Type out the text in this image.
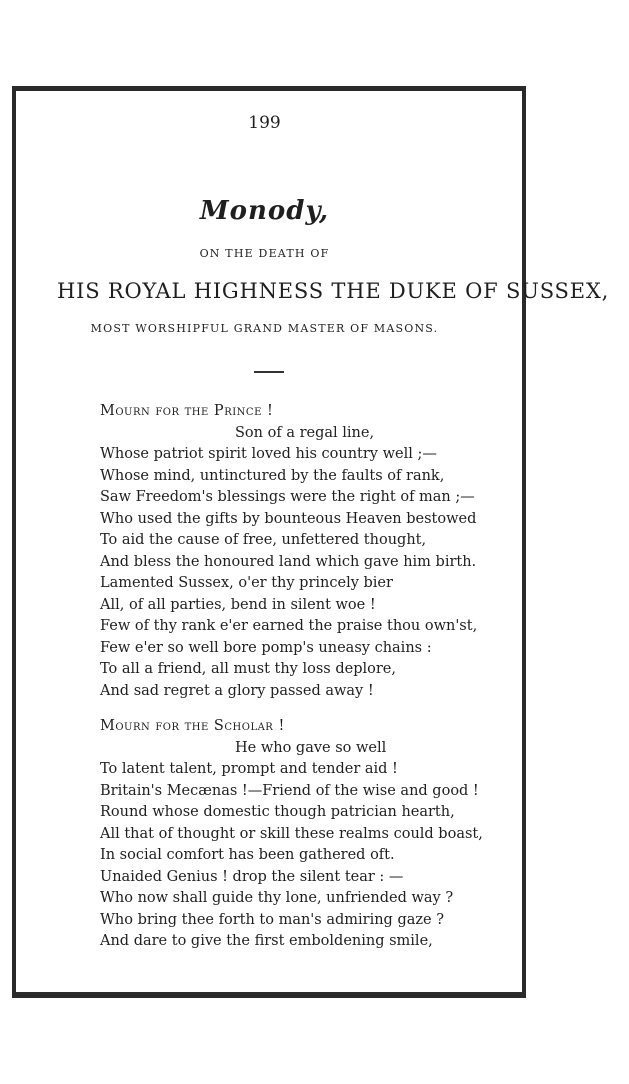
199
Monody,
ON THE DEATH OF
HIS ROYAL HIGHNESS THE DUKE OF SUSSEX,
MOST WORSHIPFUL GRAND MASTER OF MASONS.
Mourn for the Prince !
Son of a regal line,
Whose patriot spirit loved his country well ;—
Whose mind, untinctured by the faults of rank,
Saw Freedom's blessings were the right of man ;—
Who used the gifts by bounteous Heaven bestowed
To aid the cause of free, unfettered thought,
And bless the honoured land which gave him birth.
Lamented Sussex, o'er thy princely bier
All, of all parties, bend in silent woe !
Few of thy rank e'er earned the praise thou own'st,
Few e'er so well bore pomp's uneasy chains :
To all a friend, all must thy loss deplore,
And sad regret a glory passed away !
Mourn for the Scholar !
He who gave so well
To latent talent, prompt and tender aid !
Britain's Mecænas !—Friend of the wise and good !
Round whose domestic though patrician hearth,
All that of thought or skill these realms could boast,
In social comfort has been gathered oft.
Unaided Genius ! drop the silent tear : —
Who now shall guide thy lone, unfriended way ?
Who bring thee forth to man's admiring gaze ?
And dare to give the first emboldening smile,
